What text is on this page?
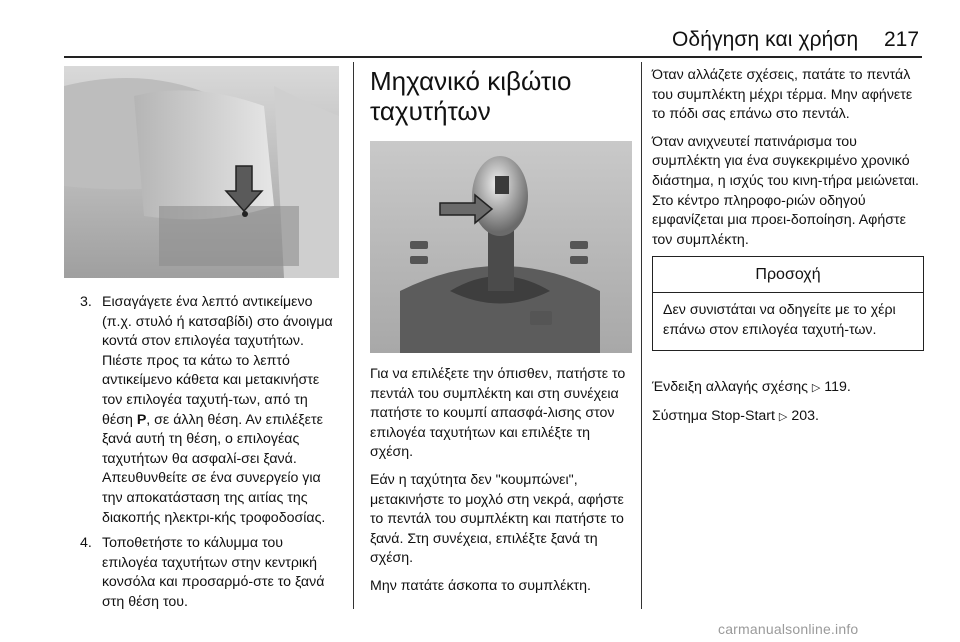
Οδήγηση και χρήση 217
3. Εισαγάγετε ένα λεπτό αντικείμενο (π.χ. στυλό ή κατσαβίδι) στο άνοιγμα κοντά στον επιλογέα ταχυτήτων. Πιέστε προς τα κάτω το λεπτό αντικείμενο κάθετα και μετακινήστε τον επιλογέα ταχυτή-των, από τη θέση P, σε άλλη θέση. Αν επιλέξετε ξανά αυτή τη θέση, ο επιλογέας ταχυτήτων θα ασφαλί-σει ξανά. Απευθυνθείτε σε ένα συνεργείο για την αποκατάσταση της αιτίας της διακοπής ηλεκτρι-κής τροφοδοσίας.
4. Τοποθετήστε το κάλυμμα του επιλογέα ταχυτήτων στην κεντρική κονσόλα και προσαρμό-στε το ξανά στη θέση του.
Μηχανικό κιβώτιο ταχυτήτων

Για να επιλέξετε την όπισθεν, πατήστε το πεντάλ του συμπλέκτη και στη συνέχεια πατήστε το κουμπί απασφά-λισης στον επιλογέα ταχυτήτων και επιλέξτε τη σχέση.

Εάν η ταχύτητα δεν "κουμπώνει", μετακινήστε το μοχλό στη νεκρά, αφήστε το πεντάλ του συμπλέκτη και πατήστε το ξανά. Στη συνέχεια, επιλέξτε ξανά τη σχέση.

Μην πατάτε άσκοπα το συμπλέκτη.

Όταν αλλάζετε σχέσεις, πατάτε το πεντάλ του συμπλέκτη μέχρι τέρμα. Μην αφήνετε το πόδι σας επάνω στο πεντάλ.

Όταν ανιχνευτεί πατινάρισμα του συμπλέκτη για ένα συγκεκριμένο χρονικό διάστημα, η ισχύς του κινη-τήρα μειώνεται. Στο κέντρο πληροφο-ριών οδηγού εμφανίζεται μια προει-δοποίηση. Αφήστε τον συμπλέκτη.

Προσοχή
Δεν συνιστάται να οδηγείτε με το χέρι επάνω στον επιλογέα ταχυτή-των.

Ένδειξη αλλαγής σχέσης ▷ 119.

Σύστημα Stop-Start ▷ 203.

carmanualsonline.info
